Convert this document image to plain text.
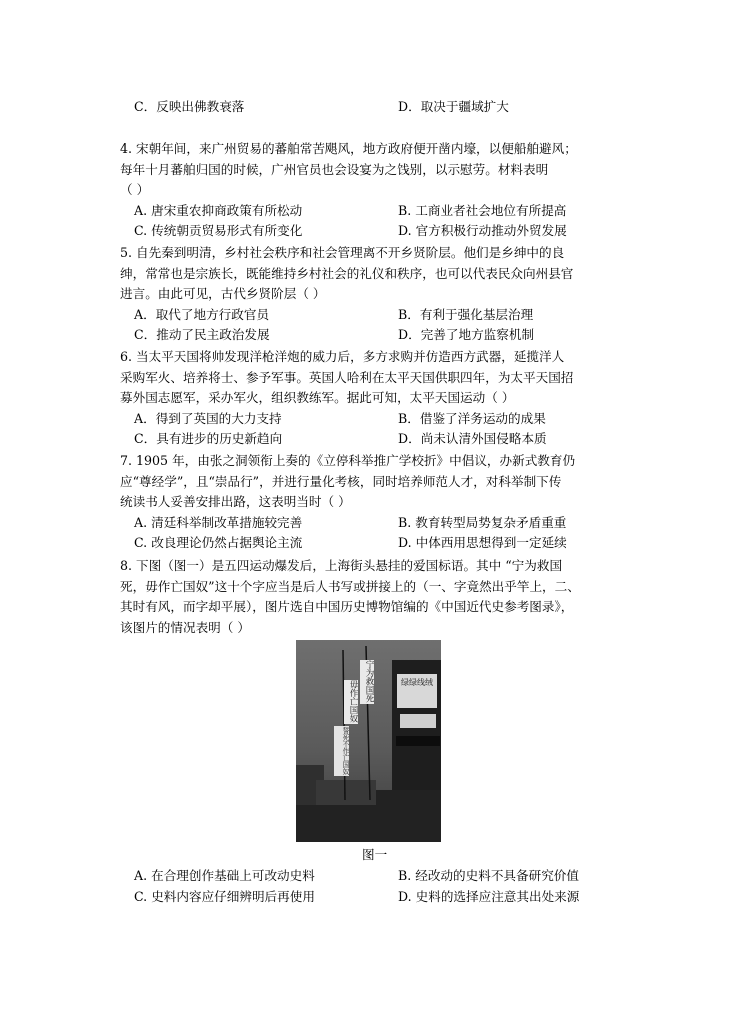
C．反映出佛教衰落	D．取决于疆域扩大
4. 宋朝年间，来广州贸易的蕃舶常苦飓风，地方政府便开凿内壕，以便船舶避风；
每年十月蕃舶归国的时候，广州官员也会设宴为之饯别，以示慰劳。材料表明
（ ）
A. 唐宋重农抑商政策有所松动	B. 工商业者社会地位有所提高
C. 传统朝贡贸易形式有所变化	D. 官方积极行动推动外贸发展
5. 自先秦到明清，乡村社会秩序和社会管理离不开乡贤阶层。他们是乡绅中的良
绅，常常也是宗族长，既能维持乡村社会的礼仪和秩序，也可以代表民众向州县官
进言。由此可见，古代乡贤阶层（ ）
A．取代了地方行政官员	B．有利于强化基层治理
C．推动了民主政治发展	D．完善了地方监察机制
6. 当太平天国将帅发现洋枪洋炮的威力后，多方求购并仿造西方武器，延揽洋人
采购军火、培养将士、参予军事。英国人哈利在太平天国供职四年，为太平天国招
募外国志愿军，采办军火，组织教练军。据此可知，太平天国运动（ ）
A．得到了英国的大力支持	B．借鉴了洋务运动的成果
C．具有进步的历史新趋向	D．尚未认清外国侵略本质
7. 1905 年，由张之洞领衔上奏的《立停科举推广学校折》中倡议，办新式教育仍
应“尊经学”，且“崇品行”，并进行量化考核，同时培养师范人才，对科举制下传
统读书人妥善安排出路，这表明当时（ ）
A. 清廷科举制改革措施较完善	B. 教育转型局势复杂矛盾重重
C. 改良理论仍然占据舆论主流	D. 中体西用思想得到一定延续
8. 下图（图一）是五四运动爆发后，上海街头悬挂的爱国标语。其中 “宁为救国
死，毋作亡国奴”这十个字应当是后人书写或拼接上的（一、字竟然出乎竿上，二、
其时有风，而字却平展），图片选自中国历史博物馆编的《中国近代史参考图录》，
该图片的情况表明（ ）
宁为救国死
毋作亡国奴
誓死不作亡国奴
绿绿线绒
图一
A. 在合理创作基础上可改动史料	B. 经改动的史料不具备研究价值
C. 史料内容应仔细辨明后再使用	D. 史料的选择应注意其出处来源
